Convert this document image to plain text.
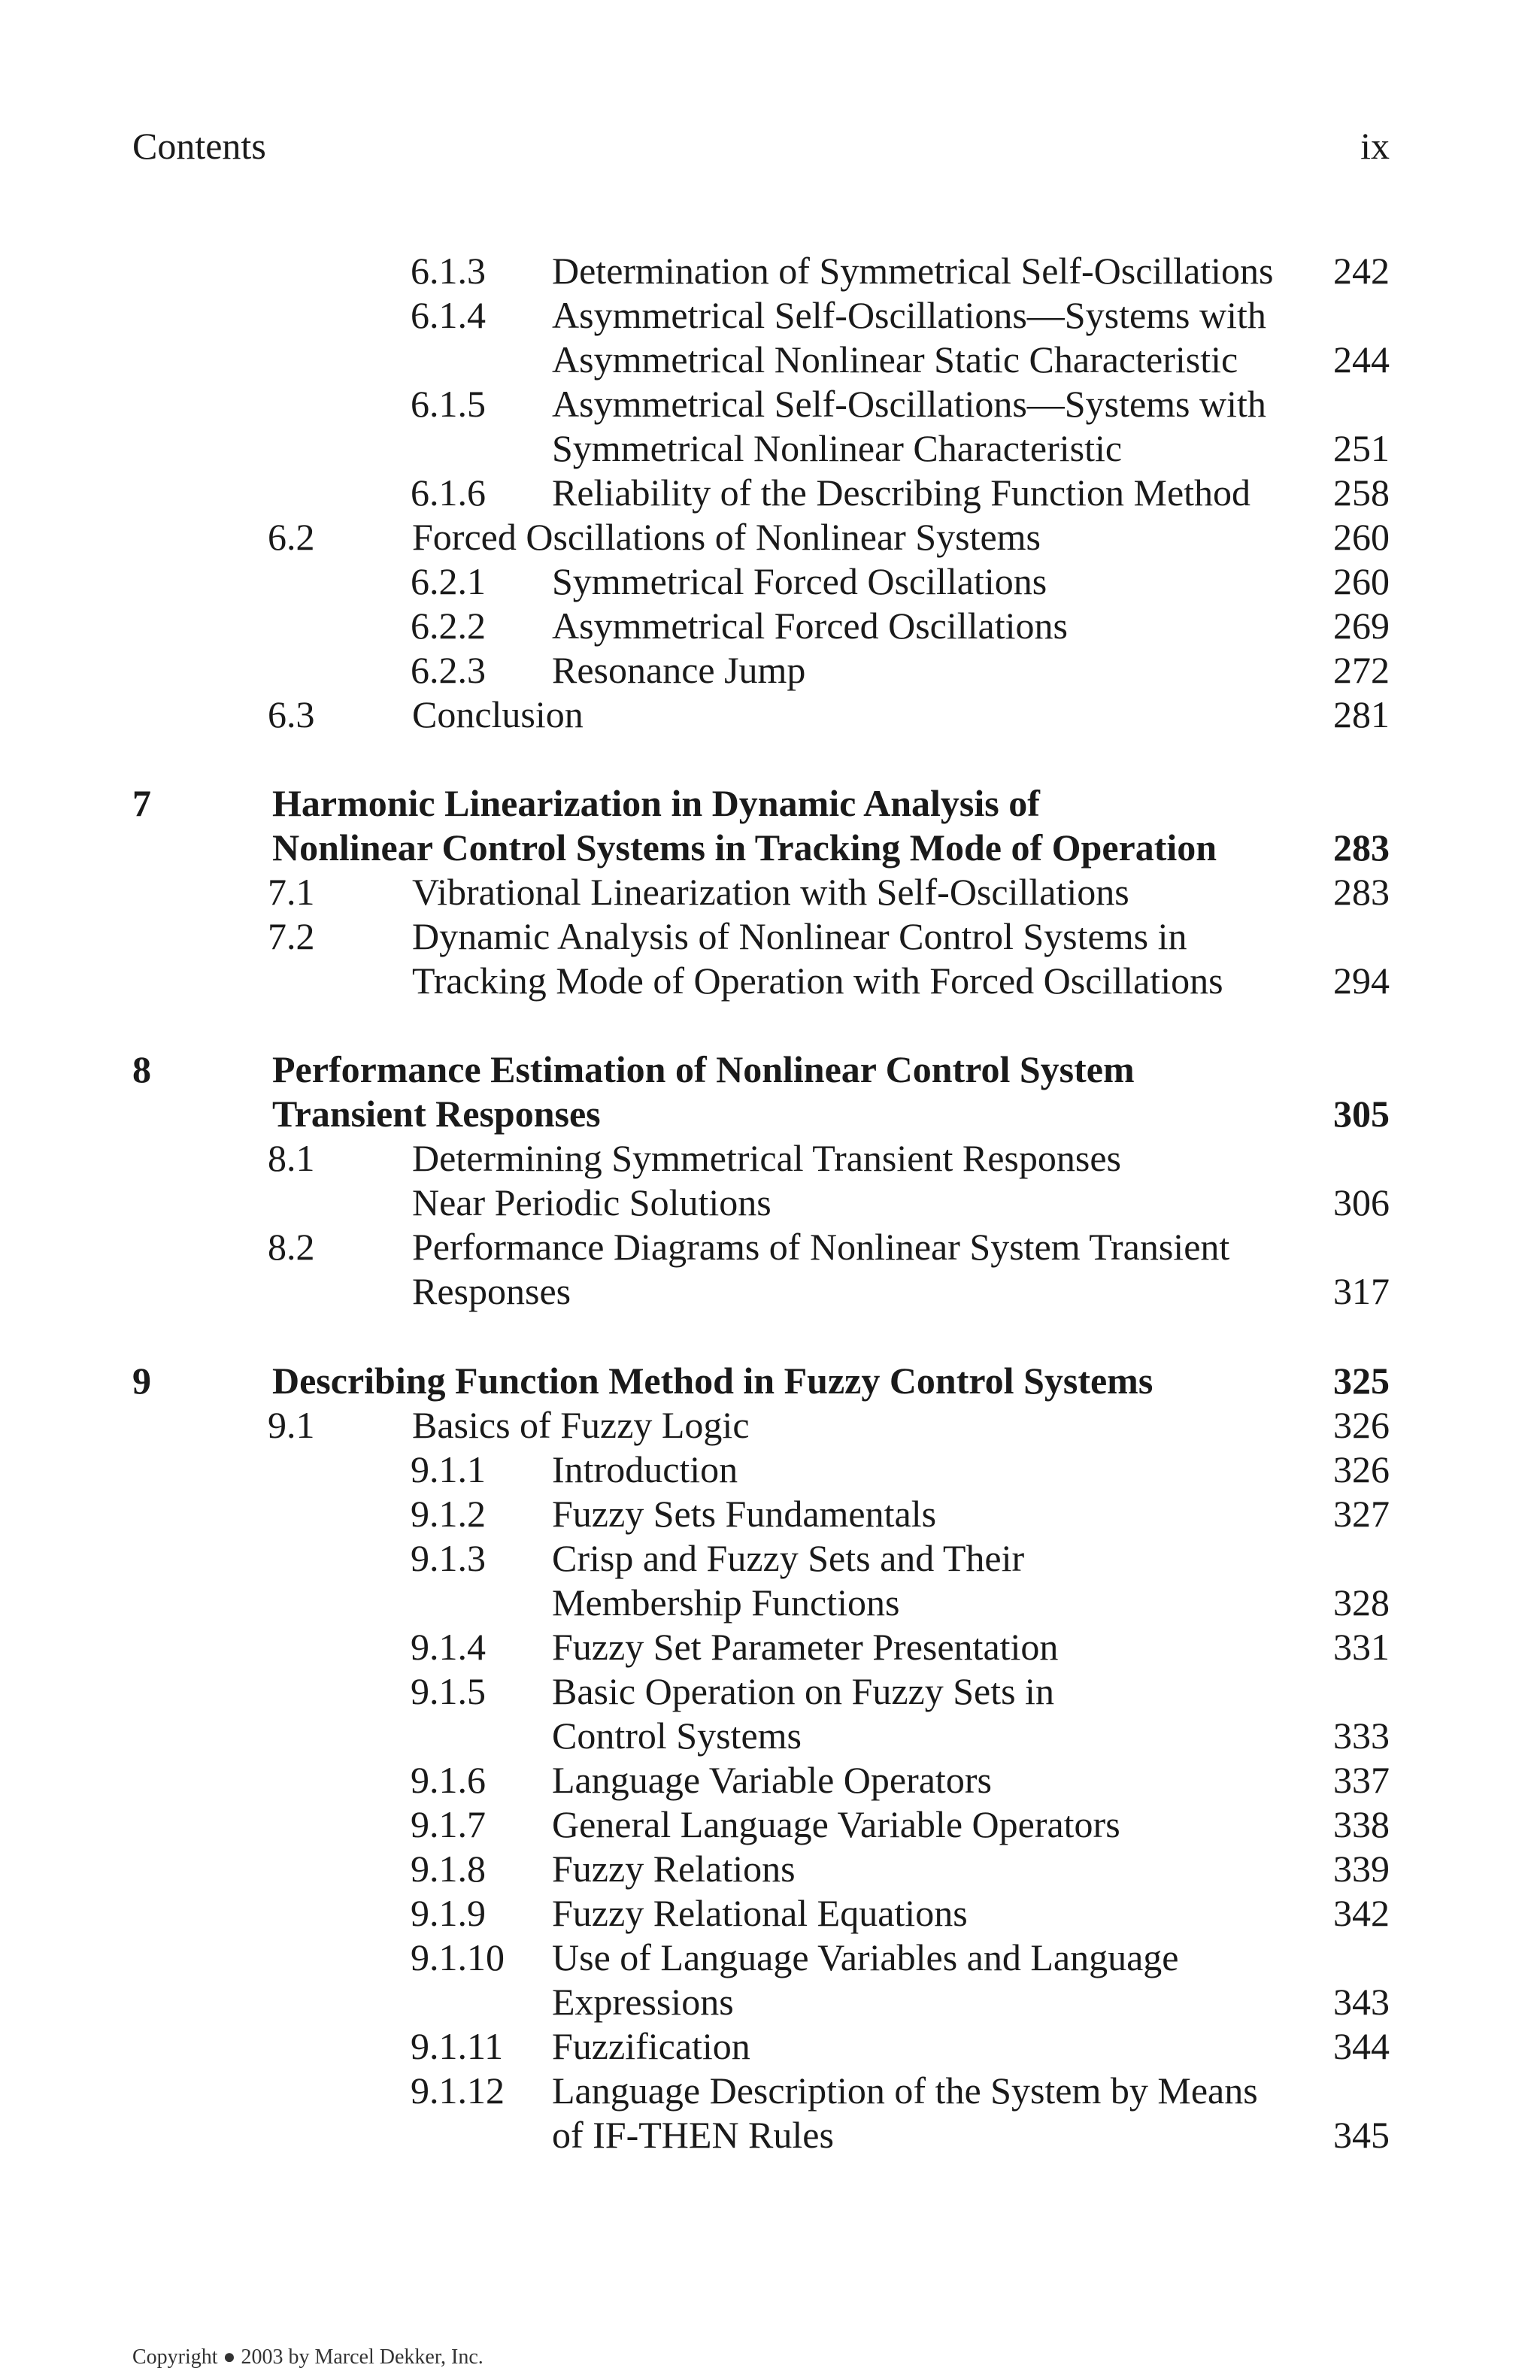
Contents	ix
6.1.3 Determination of Symmetrical Self-Oscillations 242
6.1.4 Asymmetrical Self-Oscillations—Systems with
Asymmetrical Nonlinear Static Characteristic	244
6.1.5 Asymmetrical Self-Oscillations—Systems with
Symmetrical Nonlinear Characteristic	251
6.1.6 Reliability of the Describing Function Method 258
6.2	Forced Oscillations of Nonlinear Systems	260
6.2.1 Symmetrical Forced Oscillations	260
6.2.2 Asymmetrical Forced Oscillations	269
6.2.3 Resonance Jump	272
6.3	Conclusion	281
7	Harmonic Linearization in Dynamic Analysis of
Nonlinear Control Systems in Tracking Mode of Operation	283
7.1	Vibrational Linearization with Self-Oscillations	283
7.2	Dynamic Analysis of Nonlinear Control Systems in
Tracking Mode of Operation with Forced Oscillations	294
8	Performance Estimation of Nonlinear Control System
Transient Responses	305
8.1	Determining Symmetrical Transient Responses
Near Periodic Solutions	306
8.2	Performance Diagrams of Nonlinear System Transient
Responses	317
9	Describing Function Method in Fuzzy Control Systems	325
9.1	Basics of Fuzzy Logic	326
9.1.1 Introduction	326
9.1.2 Fuzzy Sets Fundamentals	327
9.1.3 Crisp and Fuzzy Sets and Their
Membership Functions	328
9.1.4 Fuzzy Set Parameter Presentation	331
9.1.5 Basic Operation on Fuzzy Sets in
Control Systems	333
9.1.6 Language Variable Operators	337
9.1.7 General Language Variable Operators	338
9.1.8 Fuzzy Relations	339
9.1.9 Fuzzy Relational Equations	342
9.1.10 Use of Language Variables and Language
Expressions	343
9.1.11 Fuzzification	344
9.1.12 Language Description of the System by Means
of IF-THEN Rules	345
Copyright ● 2003 by Marcel Dekker, Inc.
